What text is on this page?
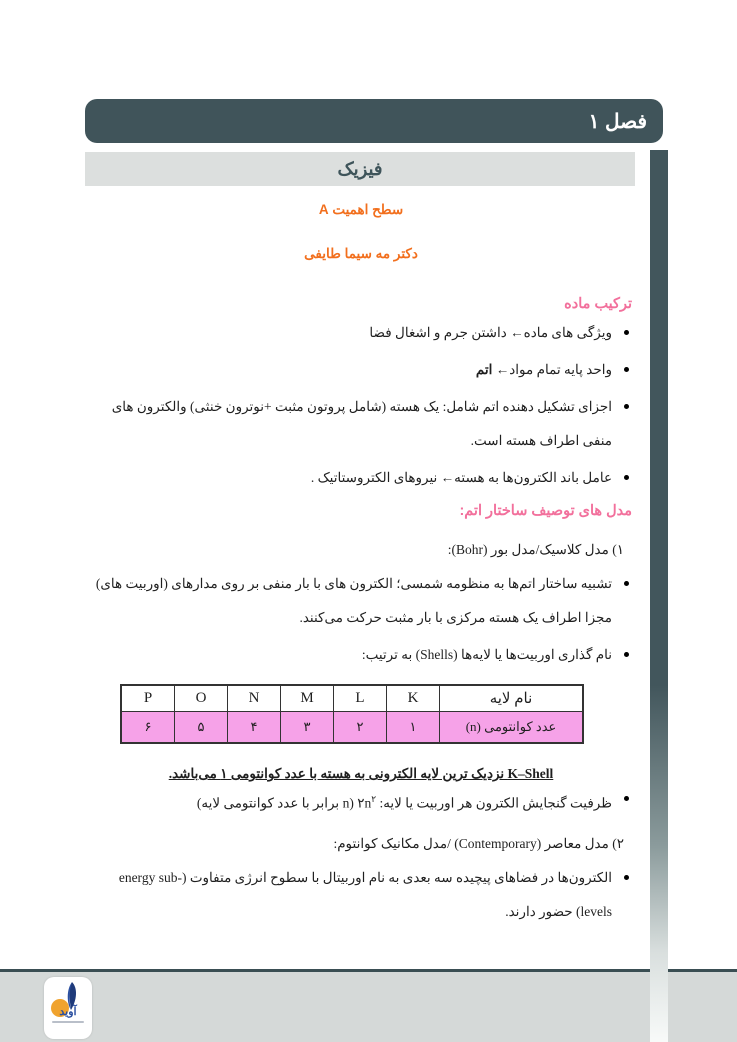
فصل ۱
فیزیک
سطح اهمیت A
دکتر مه سیما طایفی
ترکیب ماده
ویژگی های ماده← داشتن جرم و اشغال فضا
واحد پایه تمام مواد← اتم
اجزای تشکیل دهنده اتم شامل: یک هسته (شامل پروتون مثبت +نوترون خنثی) والکترون های منفی اطراف هسته است.
عامل باند الکترون‌ها به هسته← نیروهای الکتروستاتیک .
مدل های توصیف ساختار اتم:
۱) مدل کلاسیک/مدل بور (Bohr):
تشبیه ساختار اتم‌ها به منظومه شمسی؛ الکترون های با بار منفی بر روی مدارهای (اوربیت های) مجزا اطراف یک هسته مرکزی با بار مثبت حرکت می‌کنند.
نام گذاری اوربیت‌ها یا لایه‌ها (Shells) به ترتیب:
نام لایه	K	L	M	N	O	P
عدد کوانتومی (n)	۱	۲	۳	۴	۵	۶
K–Shell نزدیک ترین لایه الکترونی به هسته با عدد کوانتومی ۱ می‌باشد.
ظرفیت گنجایش الکترون هر اوربیت یا لایه: $۲n^۲$ (n برابر با عدد کوانتومی لایه)
۲) مدل معاصر (Contemporary) /مدل مکانیک کوانتوم:
الکترون‌ها در فضاهای پیچیده سه بعدی به نام اوربیتال با سطوح انرژی متفاوت (energy sub-levels) حضور دارند.
آوید
